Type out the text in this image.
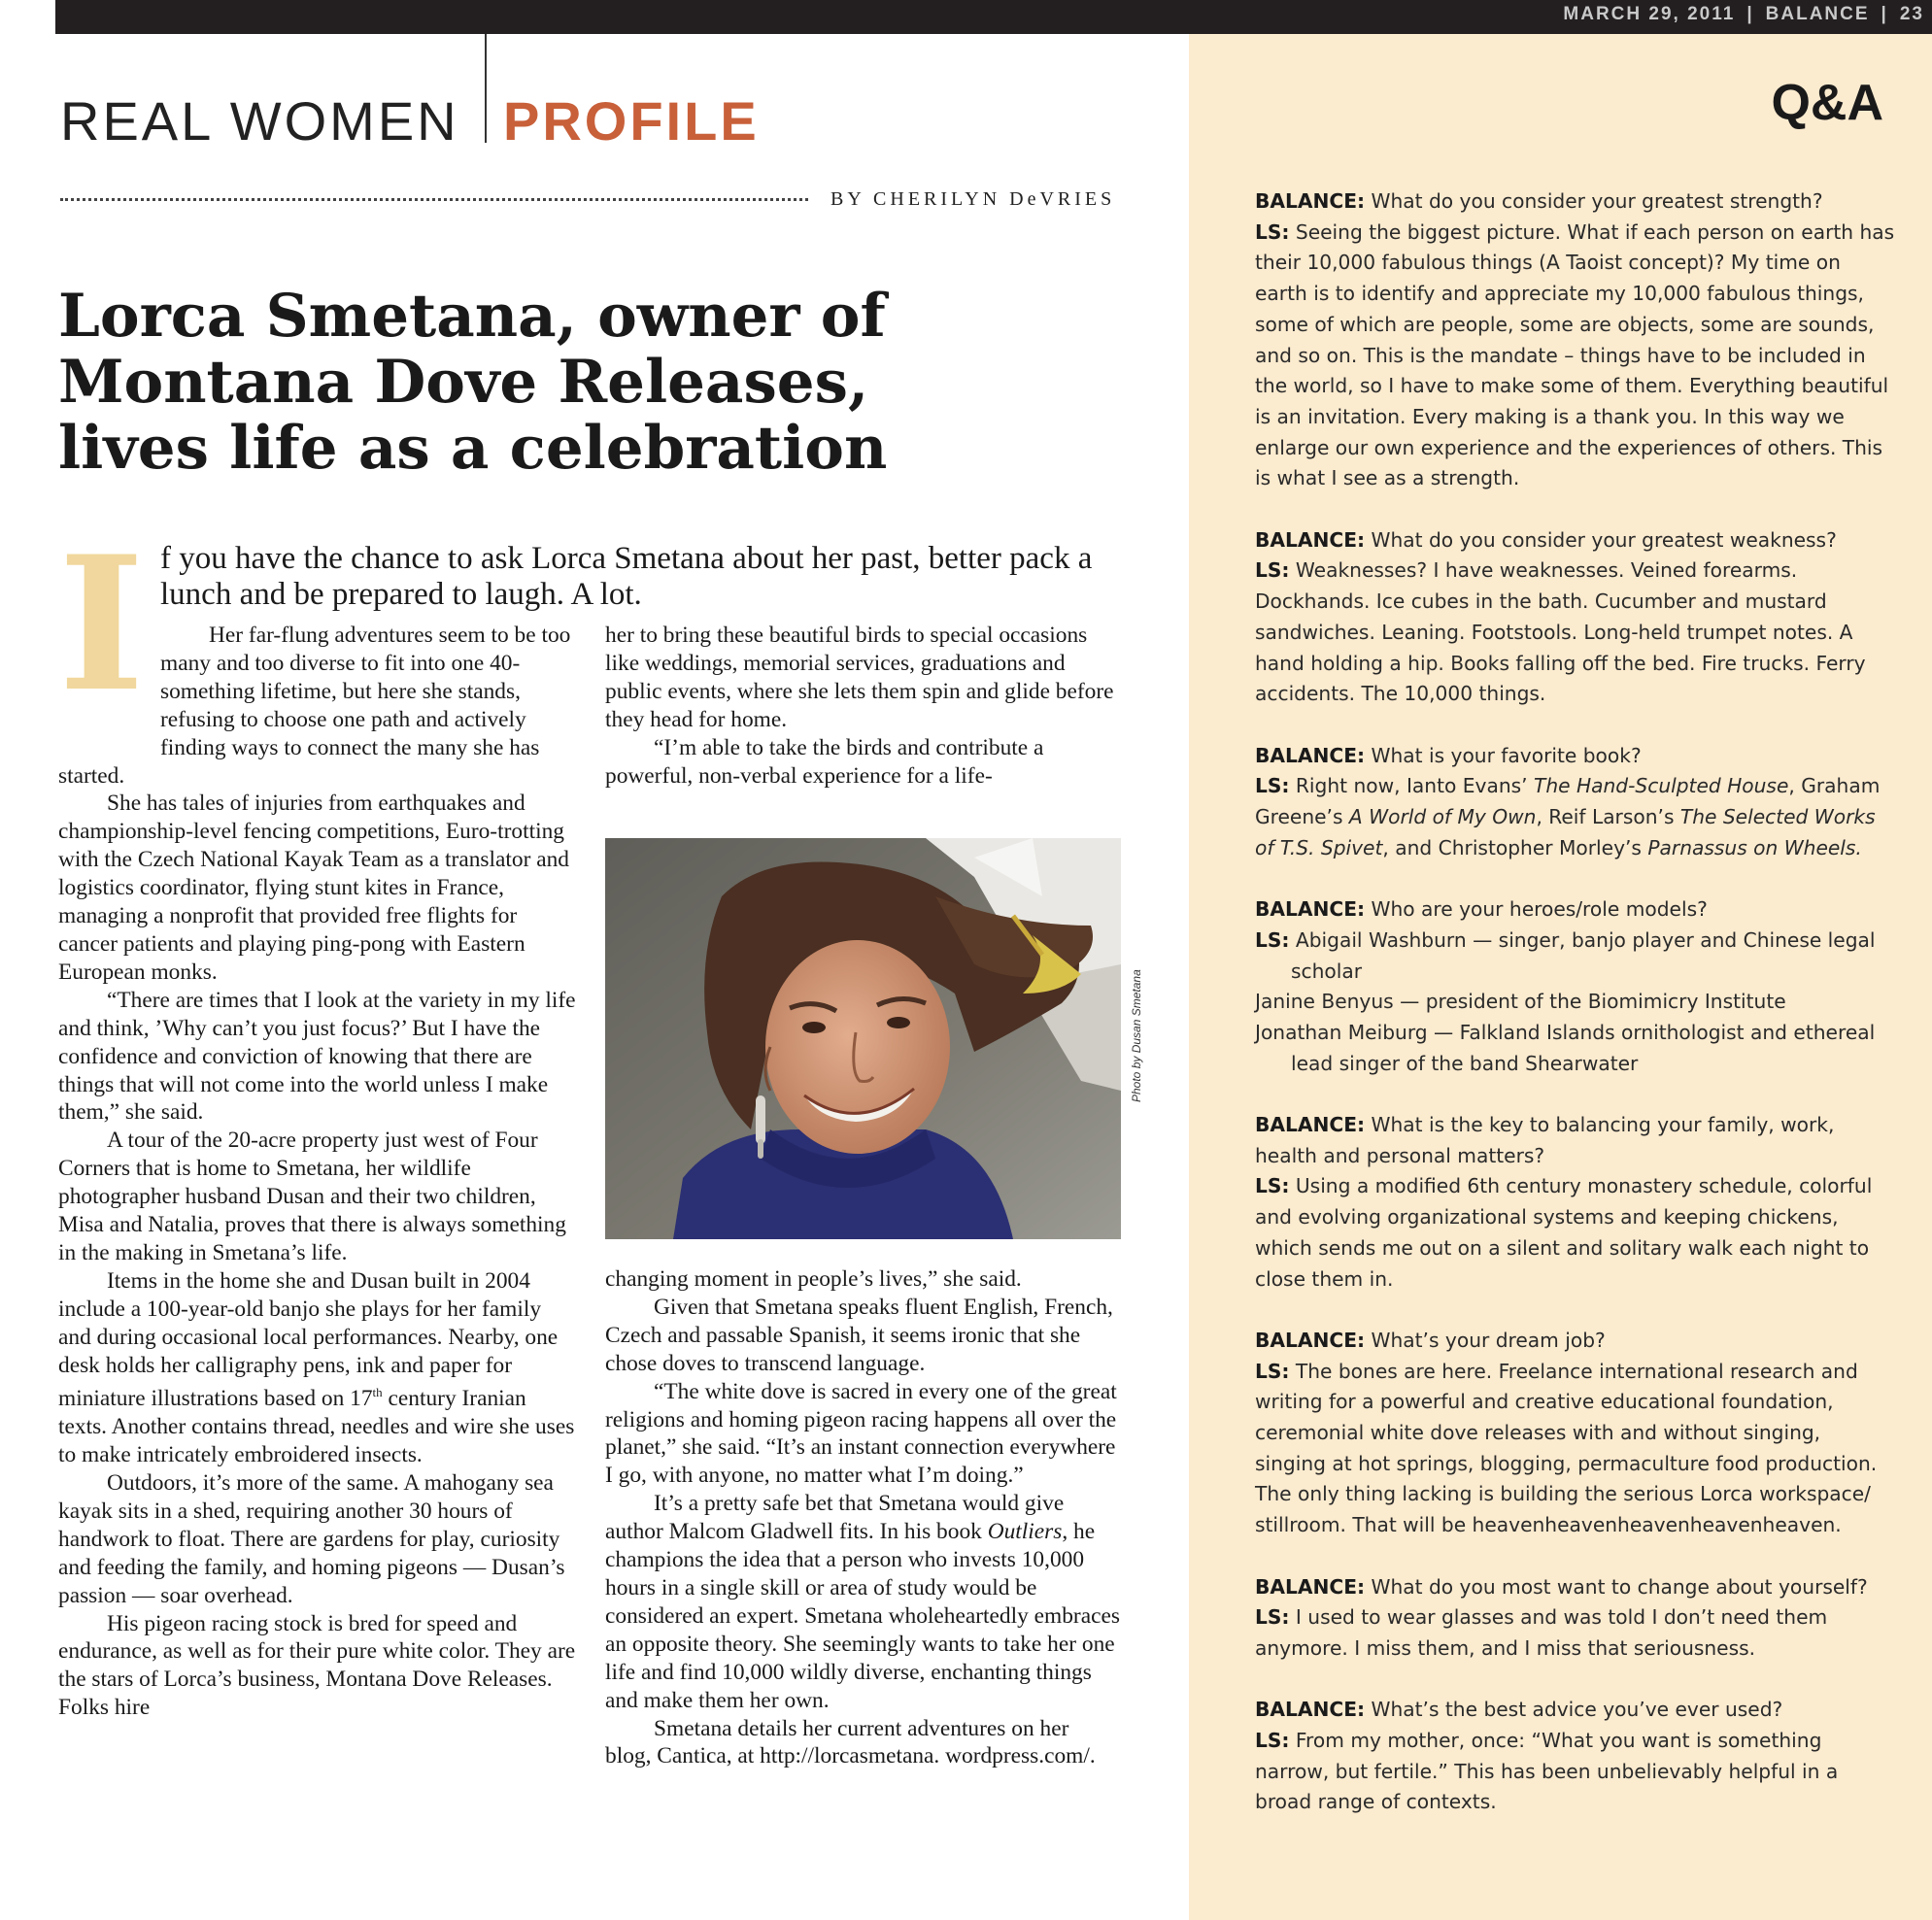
MARCH 29, 2011 | BALANCE | 23
REAL WOMEN PROFILE	Q&A
BY CHERILYN DeVRIES
Lorca Smetana, owner of Montana Dove Releases, lives life as a celebration
I f you have the chance to ask Lorca Smetana about her past, better pack a lunch and be prepared to laugh. A lot.

Her far-flung adventures seem to be too many and too diverse to fit into one 40-something lifetime, but here she stands, refusing to choose one path and actively finding ways to connect the many she has started.

She has tales of injuries from earthquakes and championship-level fencing competitions, Euro-trotting with the Czech National Kayak Team as a translator and logistics coordinator, flying stunt kites in France, managing a nonprofit that provided free flights for cancer patients and playing ping-pong with Eastern European monks.

“There are times that I look at the variety in my life and think, ’Why can’t you just focus?’ But I have the confidence and conviction of knowing that there are things that will not come into the world unless I make them,” she said.

A tour of the 20-acre property just west of Four Corners that is home to Smetana, her wildlife photographer husband Dusan and their two children, Misa and Natalia, proves that there is always something in the making in Smetana’s life.

Items in the home she and Dusan built in 2004 include a 100-year-old banjo she plays for her family and during occasional local performances. Nearby, one desk holds her calligraphy pens, ink and paper for miniature illustrations based on 17th century Iranian texts. Another contains thread, needles and wire she uses to make intricately embroidered insects.

Outdoors, it’s more of the same. A mahogany sea kayak sits in a shed, requiring another 30 hours of handwork to float. There are gardens for play, curiosity and feeding the family, and homing pigeons — Dusan’s passion — soar overhead.

His pigeon racing stock is bred for speed and endurance, as well as for their pure white color. They are the stars of Lorca’s business, Montana Dove Releases. Folks hire

her to bring these beautiful birds to special occasions like weddings, memorial services, graduations and public events, where she lets them spin and glide before they head for home.

“I’m able to take the birds and contribute a powerful, non-verbal experience for a life-

Photo by Dusan Smetana

changing moment in people’s lives,” she said.

Given that Smetana speaks fluent English, French, Czech and passable Spanish, it seems ironic that she chose doves to transcend language.

“The white dove is sacred in every one of the great religions and homing pigeon racing happens all over the planet,” she said. “It’s an instant connection everywhere I go, with anyone, no matter what I’m doing.”

It’s a pretty safe bet that Smetana would give author Malcom Gladwell fits. In his book Outliers, he champions the idea that a person who invests 10,000 hours in a single skill or area of study would be considered an expert. Smetana wholeheartedly embraces an opposite theory. She seemingly wants to take her one life and find 10,000 wildly diverse, enchanting things and make them her own.

Smetana details her current adventures on her blog, Cantica, at http://lorcasmetana. wordpress.com/.

BALANCE: What do you consider your greatest strength?

LS: Seeing the biggest picture. What if each person on earth has their 10,000 fabulous things (A Taoist concept)? My time on earth is to identify and appreciate my 10,000 fabulous things, some of which are people, some are objects, some are sounds, and so on. This is the mandate – things have to be included in the world, so I have to make some of them. Everything beautiful is an invitation. Every making is a thank you. In this way we enlarge our own experience and the experiences of others. This is what I see as a strength.

BALANCE: What do you consider your greatest weakness?

LS: Weaknesses? I have weaknesses. Veined forearms. Dockhands. Ice cubes in the bath. Cucumber and mustard sandwiches. Leaning. Footstools. Long-held trumpet notes. A hand holding a hip. Books falling off the bed. Fire trucks. Ferry accidents. The 10,000 things.

BALANCE: What is your favorite book?

LS: Right now, Ianto Evans’ The Hand-Sculpted House, Graham Greene’s A World of My Own, Reif Larson’s The Selected Works of T.S. Spivet, and Christopher Morley’s Parnassus on Wheels.

BALANCE: Who are your heroes/role models?

LS: Abigail Washburn — singer, banjo player and Chinese legal scholar

Janine Benyus — president of the Biomimicry Institute

Jonathan Meiburg — Falkland Islands ornithologist and ethereal lead singer of the band Shearwater

BALANCE: What is the key to balancing your family, work, health and personal matters?

LS: Using a modified 6th century monastery schedule, colorful and evolving organizational systems and keeping chickens, which sends me out on a silent and solitary walk each night to close them in.

BALANCE: What’s your dream job?

LS: The bones are here. Freelance international research and writing for a powerful and creative educational foundation, ceremonial white dove releases with and without singing, singing at hot springs, blogging, permaculture food production. The only thing lacking is building the serious Lorca workspace/ stillroom. That will be heavenheavenheavenheavenheaven.

BALANCE: What do you most want to change about yourself?

LS: I used to wear glasses and was told I don’t need them anymore. I miss them, and I miss that seriousness.

BALANCE: What’s the best advice you’ve ever used?

LS: From my mother, once: “What you want is something narrow, but fertile.” This has been unbelievably helpful in a broad range of contexts.
